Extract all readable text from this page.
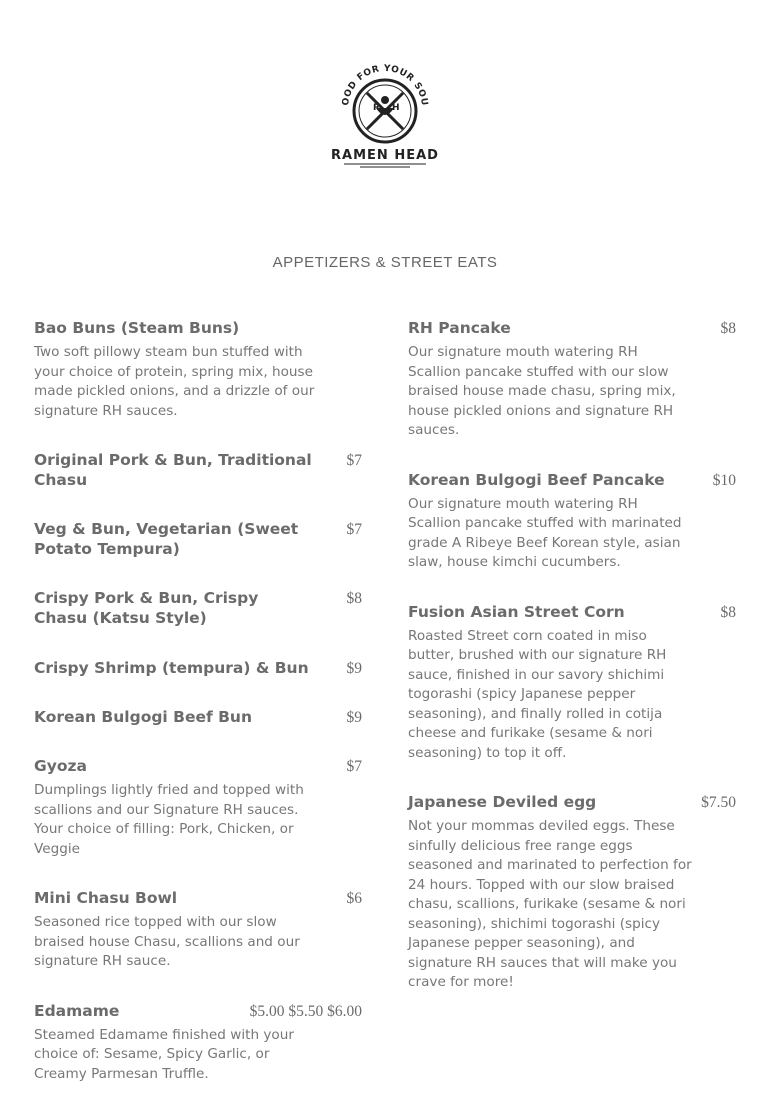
OOD FOR YOUR SOU
R H
RAMEN HEAD
APPETIZERS & STREET EATS
Bao Buns (Steam Buns)
Two soft pillowy steam bun stuffed with your choice of protein, spring mix, house made pickled onions, and a drizzle of our signature RH sauces.
Original Pork & Bun, Traditional Chasu
$7
Veg & Bun, Vegetarian (Sweet Potato Tempura)
$7
Crispy Pork & Bun, Crispy Chasu (Katsu Style)
$8
Crispy Shrimp (tempura) & Bun	$9
Korean Bulgogi Beef Bun	$9
Gyoza	$7
Dumplings lightly fried and topped with scallions and our Signature RH sauces. Your choice of filling: Pork, Chicken, or Veggie
Mini Chasu Bowl	$6
Seasoned rice topped with our slow braised house Chasu, scallions and our signature RH sauce.
Edamame	$5.00 $5.50 $6.00
Steamed Edamame finished with your choice of: Sesame, Spicy Garlic, or Creamy Parmesan Truffle.
RH Pancake	$8
Our signature mouth watering RH Scallion pancake stuffed with our slow braised house made chasu, spring mix, house pickled onions and signature RH sauces.
Korean Bulgogi Beef Pancake	$10
Our signature mouth watering RH Scallion pancake stuffed with marinated grade A Ribeye Beef Korean style, asian slaw, house kimchi cucumbers.
Fusion Asian Street Corn	$8
Roasted Street corn coated in miso butter, brushed with our signature RH sauce, finished in our savory shichimi togorashi (spicy Japanese pepper seasoning), and finally rolled in cotija cheese and furikake (sesame & nori seasoning) to top it off.
Japanese Deviled egg	$7.50
Not your mommas deviled eggs. These sinfully delicious free range eggs seasoned and marinated to perfection for 24 hours. Topped with our slow braised chasu, scallions, furikake (sesame & nori seasoning), shichimi togorashi (spicy Japanese pepper seasoning), and signature RH sauces that will make you crave for more!
